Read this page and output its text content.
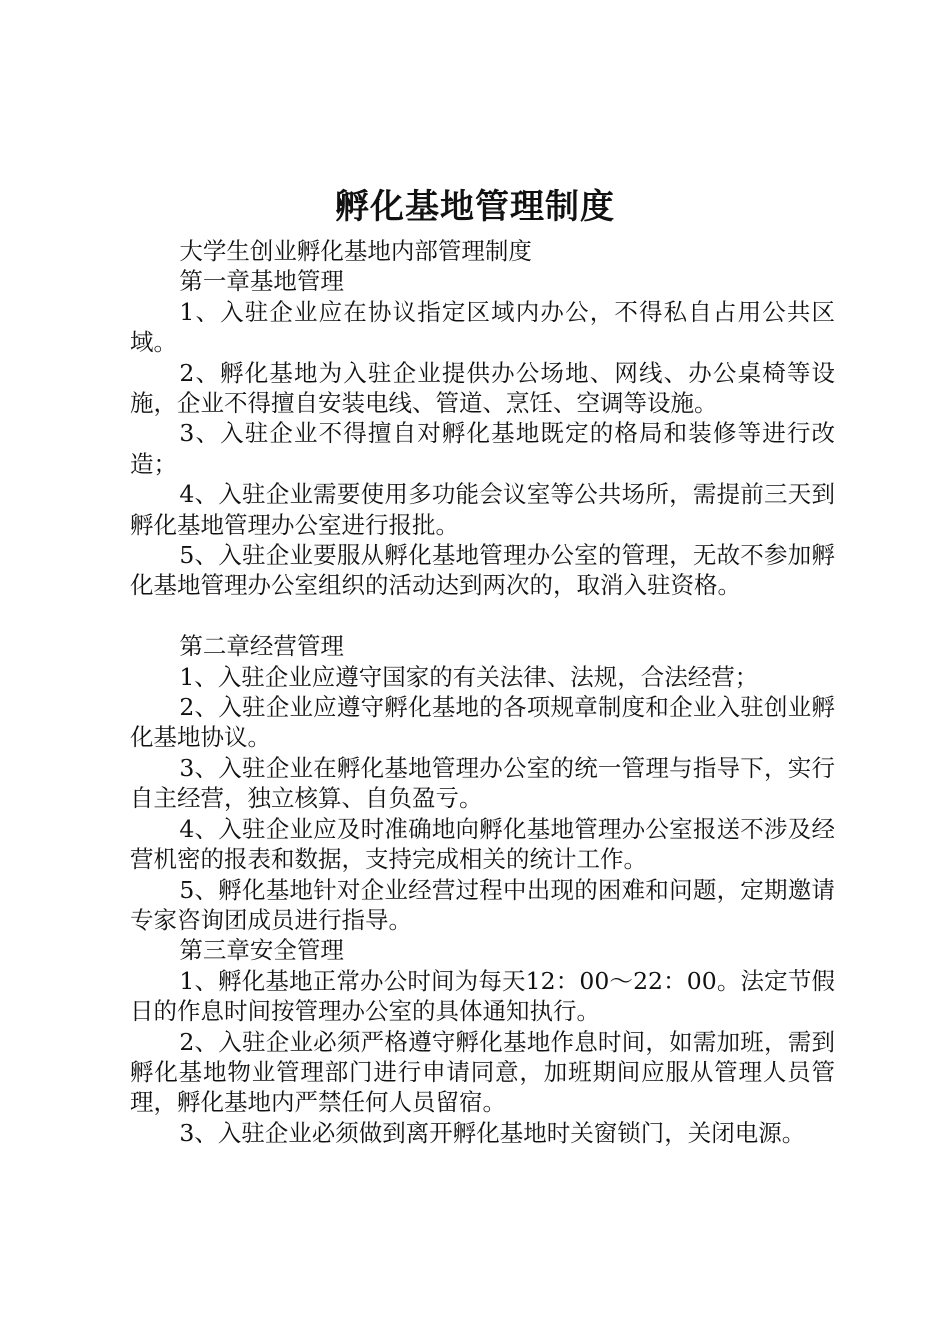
孵化基地管理制度

大学生创业孵化基地内部管理制度

第一章基地管理

1、入驻企业应在协议指定区域内办公，不得私自占用公共区域。

2、孵化基地为入驻企业提供办公场地、网线、办公桌椅等设施，企业不得擅自安装电线、管道、烹饪、空调等设施。

3、入驻企业不得擅自对孵化基地既定的格局和装修等进行改造；

4、入驻企业需要使用多功能会议室等公共场所，需提前三天到孵化基地管理办公室进行报批。

5、入驻企业要服从孵化基地管理办公室的管理，无故不参加孵化基地管理办公室组织的活动达到两次的，取消入驻资格。

第二章经营管理

1、入驻企业应遵守国家的有关法律、法规，合法经营；

2、入驻企业应遵守孵化基地的各项规章制度和企业入驻创业孵化基地协议。

3、入驻企业在孵化基地管理办公室的统一管理与指导下，实行自主经营，独立核算、自负盈亏。

4、入驻企业应及时准确地向孵化基地管理办公室报送不涉及经营机密的报表和数据，支持完成相关的统计工作。

5、孵化基地针对企业经营过程中出现的困难和问题，定期邀请专家咨询团成员进行指导。

第三章安全管理

1、孵化基地正常办公时间为每天12：00～22：00。法定节假日的作息时间按管理办公室的具体通知执行。

2、入驻企业必须严格遵守孵化基地作息时间，如需加班，需到孵化基地物业管理部门进行申请同意，加班期间应服从管理人员管理，孵化基地内严禁任何人员留宿。

3、入驻企业必须做到离开孵化基地时关窗锁门，关闭电源。
